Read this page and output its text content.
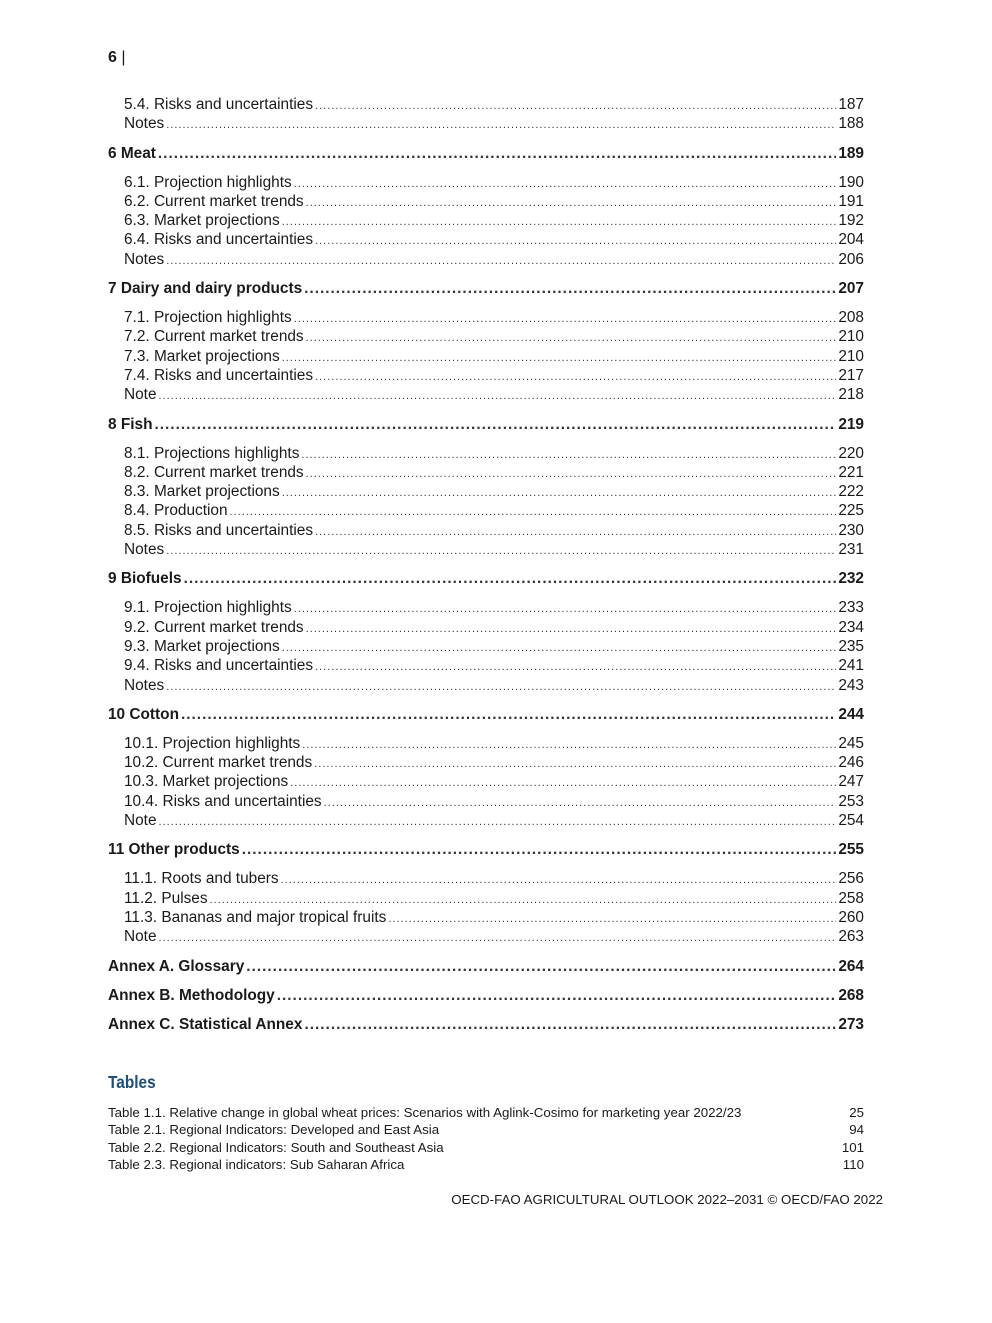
6 |
5.4. Risks and uncertainties .....	187
Notes .....	188
6 Meat .....	189
6.1. Projection highlights .....	190
6.2. Current market trends .....	191
6.3. Market projections .....	192
6.4. Risks and uncertainties .....	204
Notes .....	206
7 Dairy and dairy products .....	207
7.1. Projection highlights .....	208
7.2. Current market trends .....	210
7.3. Market projections .....	210
7.4. Risks and uncertainties .....	217
Note .....	218
8 Fish .....	219
8.1. Projections highlights .....	220
8.2. Current market trends .....	221
8.3. Market projections .....	222
8.4. Production .....	225
8.5. Risks and uncertainties .....	230
Notes .....	231
9 Biofuels .....	232
9.1. Projection highlights .....	233
9.2. Current market trends .....	234
9.3. Market projections .....	235
9.4. Risks and uncertainties .....	241
Notes .....	243
10 Cotton .....	244
10.1. Projection highlights .....	245
10.2. Current market trends .....	246
10.3. Market projections .....	247
10.4. Risks and uncertainties .....	253
Note .....	254
11 Other products .....	255
11.1. Roots and tubers .....	256
11.2. Pulses .....	258
11.3. Bananas and major tropical fruits .....	260
Note .....	263
Annex A. Glossary .....	264
Annex B. Methodology .....	268
Annex C. Statistical Annex .....	273
Tables
Table 1.1. Relative change in global wheat prices: Scenarios with Aglink-Cosimo for marketing year 2022/23	25
Table 2.1. Regional Indicators: Developed and East Asia	94
Table 2.2. Regional Indicators: South and Southeast Asia	101
Table 2.3. Regional indicators: Sub Saharan Africa	110
OECD-FAO AGRICULTURAL OUTLOOK 2022–2031 © OECD/FAO 2022
